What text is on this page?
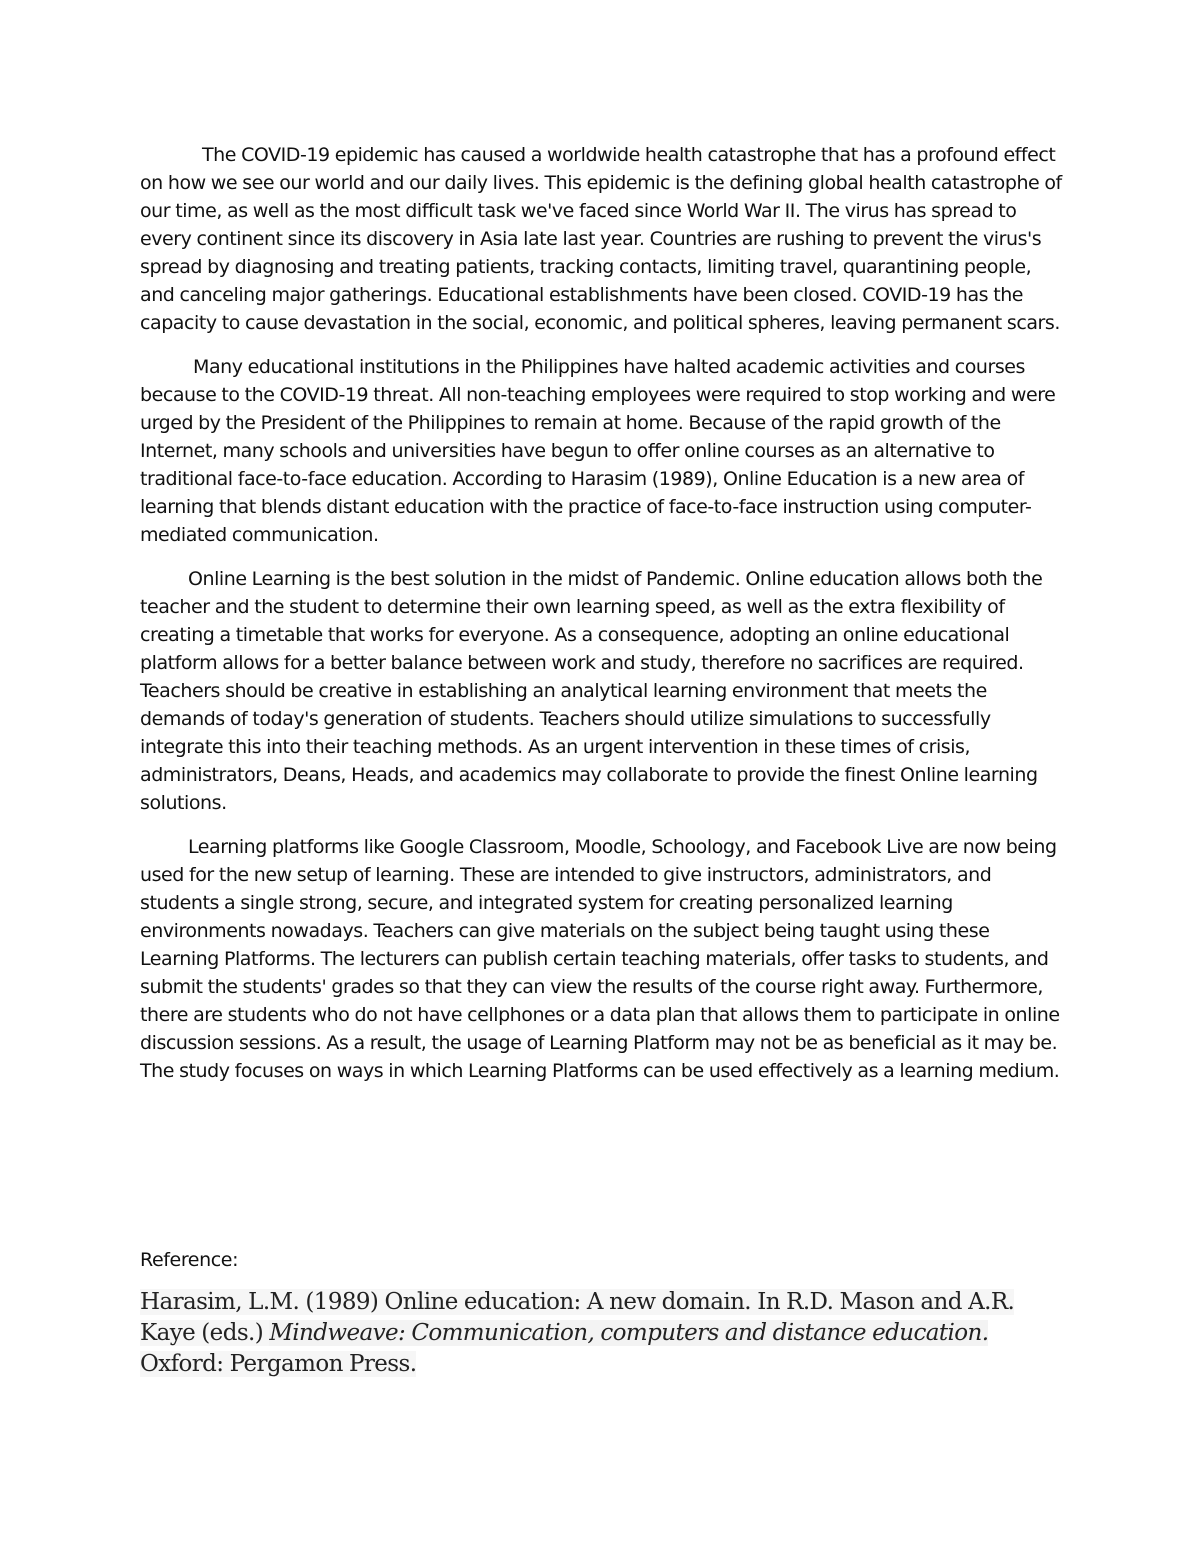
The COVID-19 epidemic has caused a worldwide health catastrophe that has a profound effect on how we see our world and our daily lives. This epidemic is the defining global health catastrophe of our time, as well as the most difficult task we've faced since World War II. The virus has spread to every continent since its discovery in Asia late last year. Countries are rushing to prevent the virus's spread by diagnosing and treating patients, tracking contacts, limiting travel, quarantining people, and canceling major gatherings. Educational establishments have been closed. COVID-19 has the capacity to cause devastation in the social, economic, and political spheres, leaving permanent scars.

Many educational institutions in the Philippines have halted academic activities and courses because to the COVID-19 threat. All non-teaching employees were required to stop working and were urged by the President of the Philippines to remain at home. Because of the rapid growth of the Internet, many schools and universities have begun to offer online courses as an alternative to traditional face-to-face education. According to Harasim (1989), Online Education is a new area of learning that blends distant education with the practice of face-to-face instruction using computer-mediated communication.

Online Learning is the best solution in the midst of Pandemic. Online education allows both the teacher and the student to determine their own learning speed, as well as the extra flexibility of creating a timetable that works for everyone. As a consequence, adopting an online educational platform allows for a better balance between work and study, therefore no sacrifices are required. Teachers should be creative in establishing an analytical learning environment that meets the demands of today's generation of students. Teachers should utilize simulations to successfully integrate this into their teaching methods. As an urgent intervention in these times of crisis, administrators, Deans, Heads, and academics may collaborate to provide the finest Online learning solutions.

Learning platforms like Google Classroom, Moodle, Schoology, and Facebook Live are now being used for the new setup of learning. These are intended to give instructors, administrators, and students a single strong, secure, and integrated system for creating personalized learning environments nowadays. Teachers can give materials on the subject being taught using these Learning Platforms. The lecturers can publish certain teaching materials, offer tasks to students, and submit the students' grades so that they can view the results of the course right away. Furthermore, there are students who do not have cellphones or a data plan that allows them to participate in online discussion sessions. As a result, the usage of Learning Platform may not be as beneficial as it may be. The study focuses on ways in which Learning Platforms can be used effectively as a learning medium.

Reference:
Harasim, L.M. (1989) Online education: A new domain. In R.D. Mason and A.R. Kaye (eds.) Mindweave: Communication, computers and distance education.
Oxford: Pergamon Press.
